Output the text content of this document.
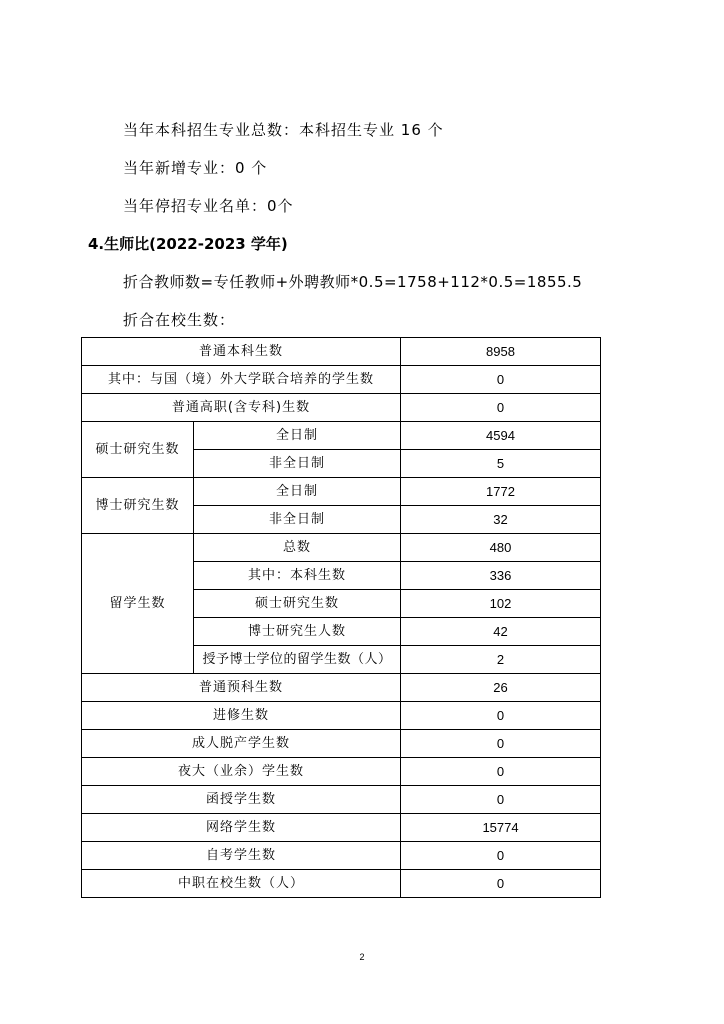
当年本科招生专业总数：本科招生专业 16 个
当年新增专业：0 个
当年停招专业名单：0个
4.生师比(2022-2023 学年)
折合教师数=专任教师+外聘教师*0.5=1758+112*0.5=1855.5
折合在校生数：
普通本科生数		8958
其中：与国（境）外大学联合培养的学生数		0
普通高职(含专科)生数		0
硕士研究生数	全日制	4594
	非全日制	5
博士研究生数	全日制	1772
	非全日制	32
留学生数	总数	480
	其中：本科生数	336
	硕士研究生数	102
	博士研究生人数	42
	授予博士学位的留学生数（人）	2
普通预科生数		26
进修生数		0
成人脱产学生数		0
夜大（业余）学生数		0
函授学生数		0
网络学生数		15774
自考学生数		0
中职在校生数（人）		0
2
